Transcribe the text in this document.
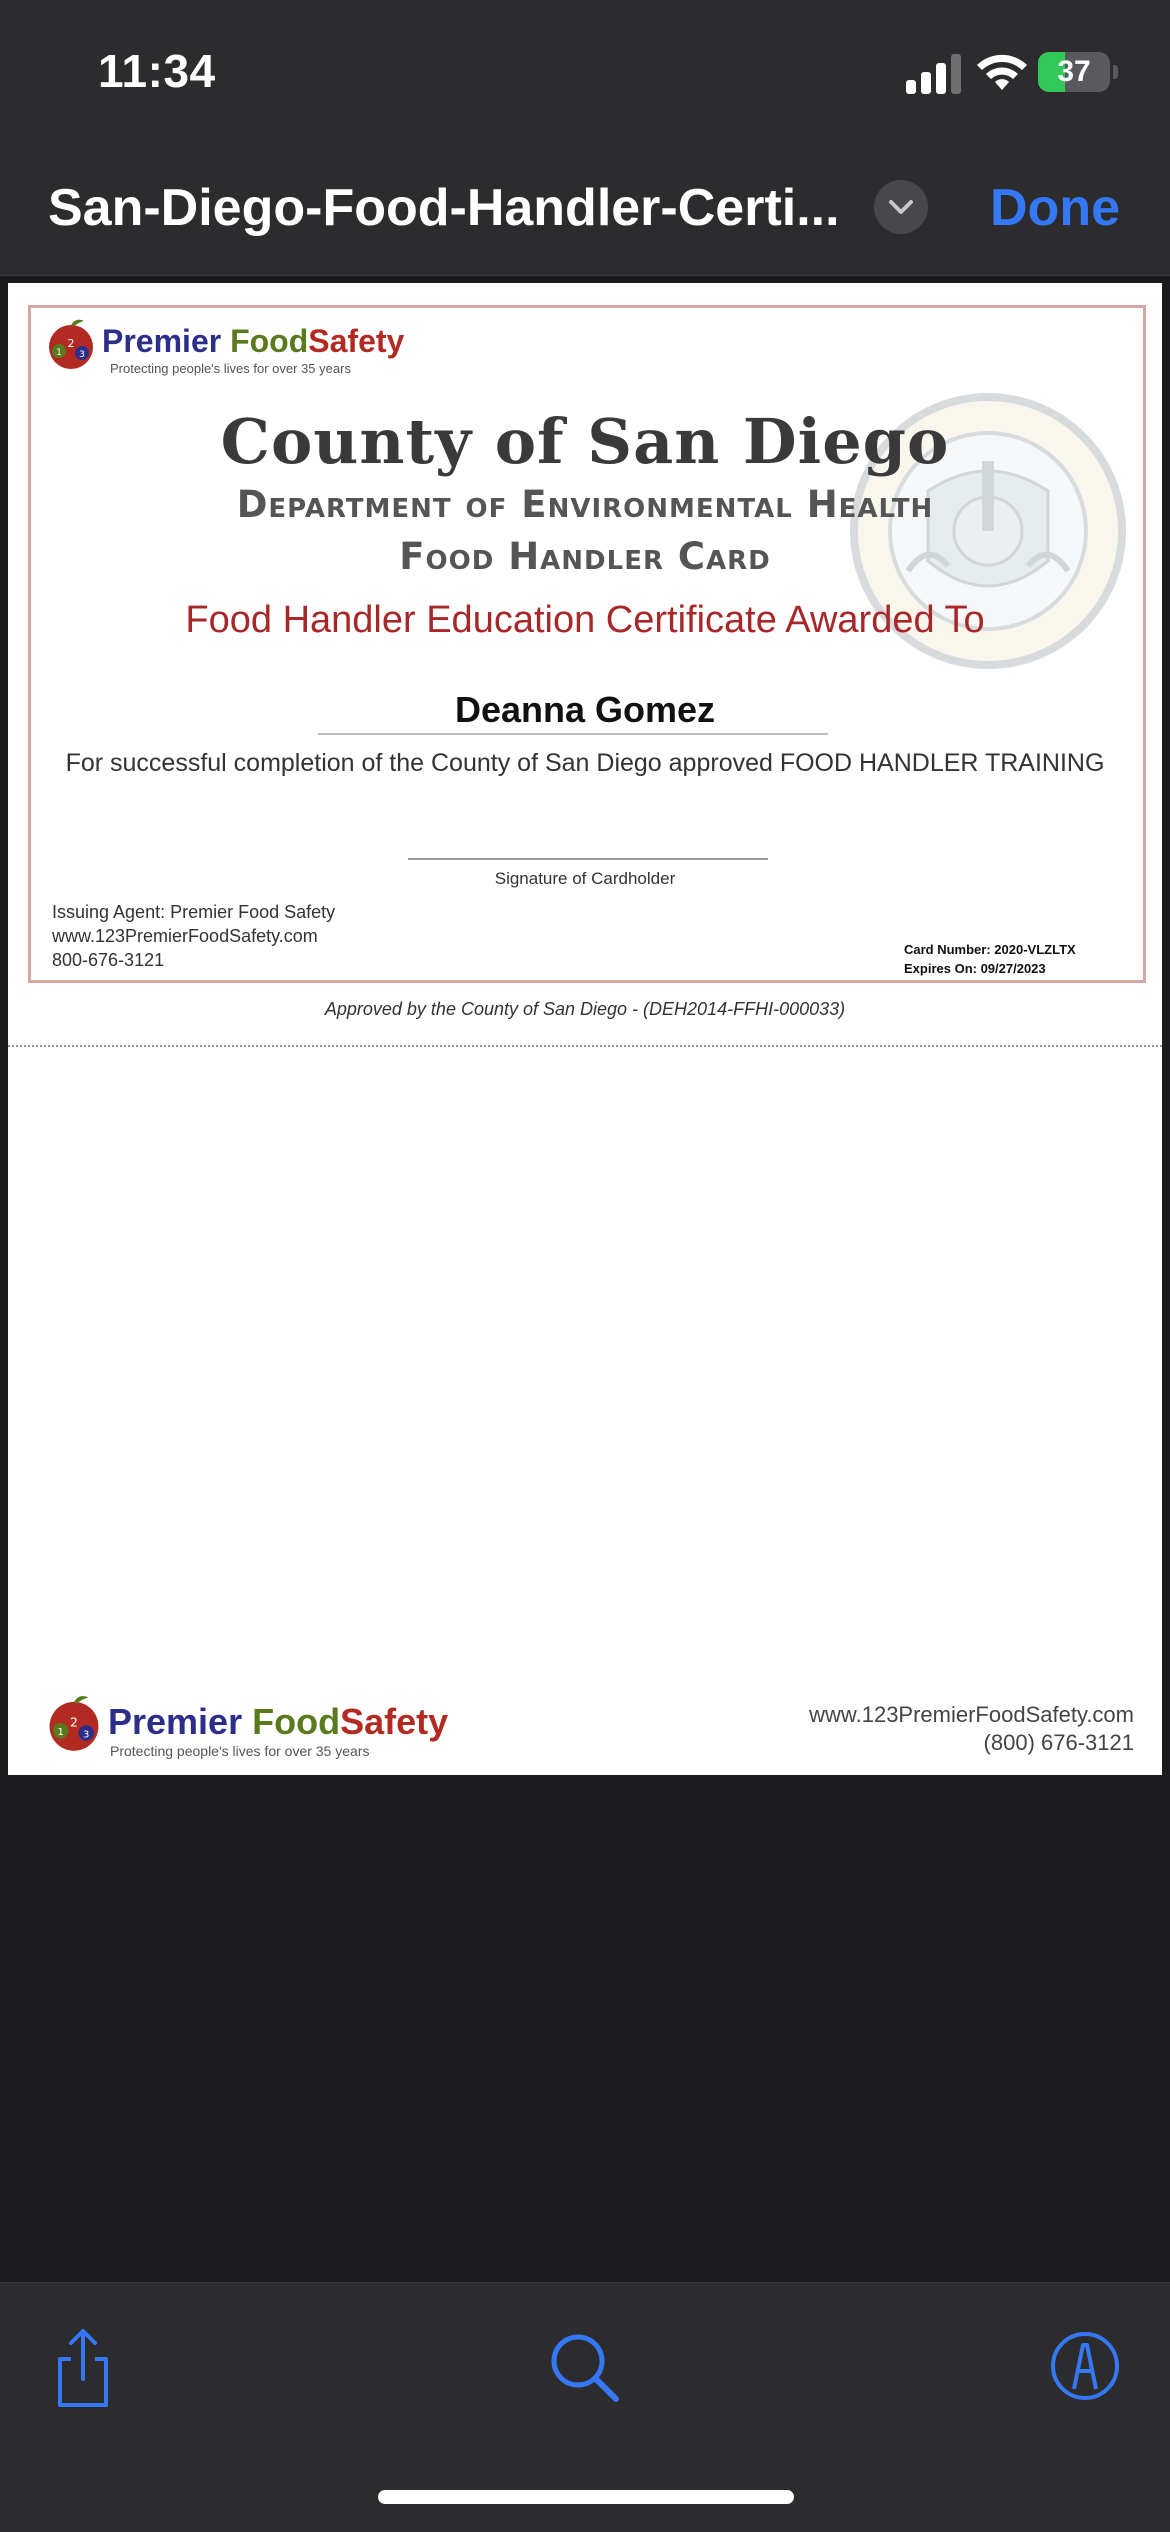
11:34	37
San-Diego-Food-Handler-Certi...	Done
1
2
3 Premier FoodSafety
Protecting people's lives for over 35 years
County of San Diego
Department of Environmental Health
Food Handler Card
Food Handler Education Certificate Awarded To
Deanna Gomez
For successful completion of the County of San Diego approved FOOD HANDLER TRAINING
Signature of Cardholder
Issuing Agent: Premier Food Safety
www.123PremierFoodSafety.com
800-676-3121
Card Number: 2020-VLZLTX
Expires On: 09/27/2023
Approved by the County of San Diego - (DEH2014-FFHI-000033)
1
2
3 Premier FoodSafety
Protecting people's lives for over 35 years
www.123PremierFoodSafety.com
(800) 676-3121
